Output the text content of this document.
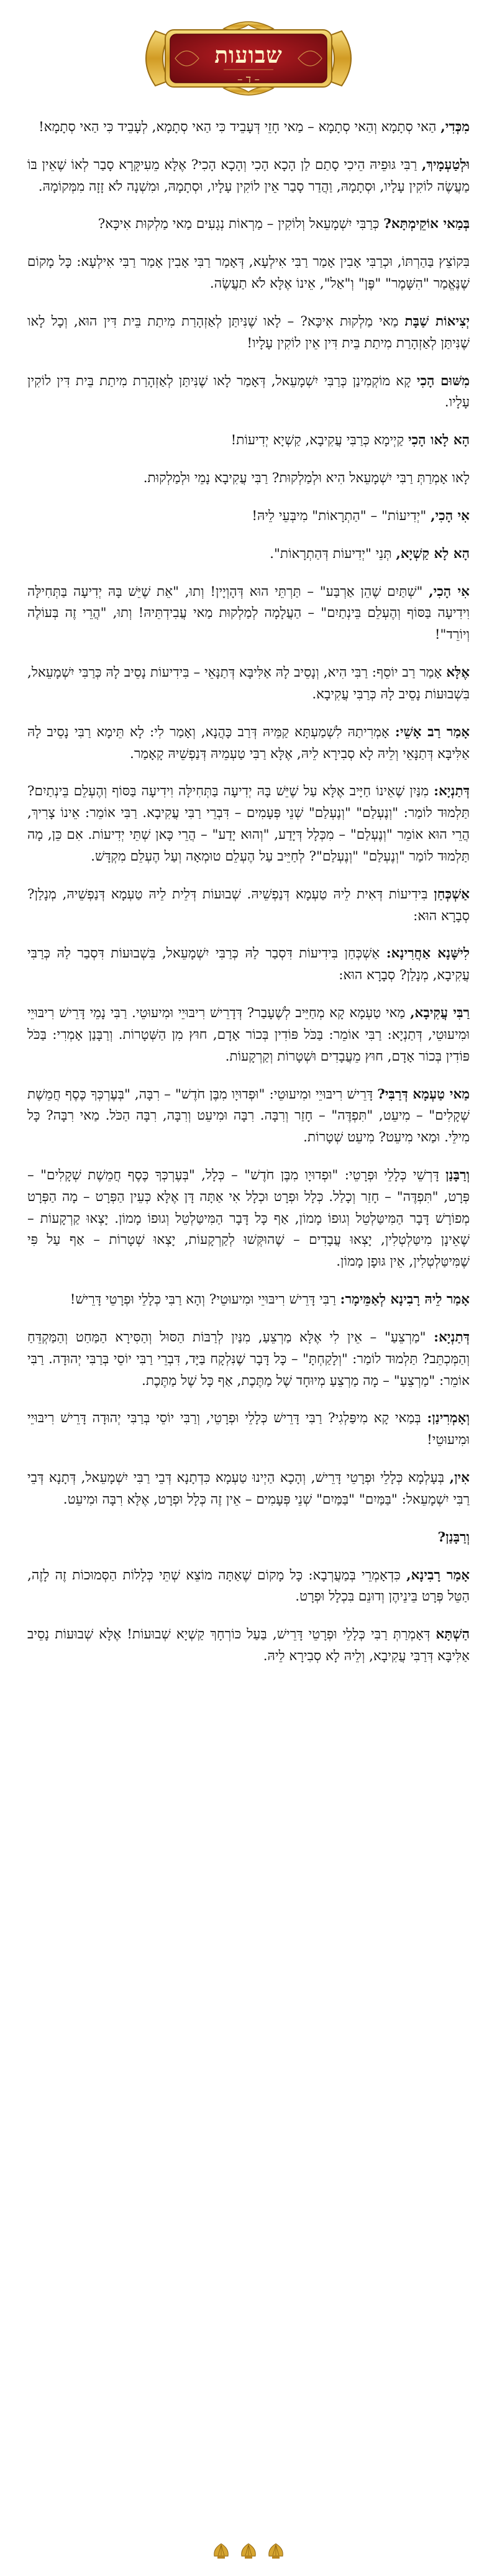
שבועות
– ד –

מִכְּדִי, הַאי סְתָמָא וְהַאי סְתָמָא – מַאי חָזֵי דְּעָבֵיד כִּי הַאי סְתָמָא, לְעָבֵיד כִּי הַאי סְתָמָא!

וּלְטַעְמָיךְ, רַבִּי גּוּפֵיהּ הֵיכִי סָתַם לַן הָכָא הָכִי וְהָכָא הָכִי? אֶלָּא מֵעִיקָּרָא סָבַר לְאוֹ שֶׁאֵין בּוֹ מַעֲשֶׂה לוֹקִין עָלָיו, וּסְתָמָהּ, וַהֲדַר סָבַר אֵין לוֹקִין עָלָיו, וּסְתָמָהּ, וּמִשְׁנָה לֹא זָזָה מִמְּקוֹמָהּ.

בְּמַאי אוֹקֵימְתָּא? כְּרַבִּי יִשְׁמָעֵאל וְלוֹקִין – מַרְאוֹת נְגָעִים מַאי מַלְקוּת אִיכָּא?

בִּקוֹצֵץ בַּהַרְתּוֹ, וּכְרַבִּי אָבִין אָמַר רַבִּי אִילְעָא, דְּאָמַר רַבִּי אָבִין אָמַר רַבִּי אִילְעָא: כָּל מָקוֹם שֶׁנֶּאֱמַר "הִשָּׁמֶר" "פֶּן" וְ"אַל", אֵינוֹ אֶלָּא לֹא תַעֲשֶׂה.

יְצִיאוֹת שַׁבָּת מַאי מַלְקוּת אִיכָּא? – לָאו שֶׁנִּיתַּן לְאַזְהָרַת מִיתַת בֵּית דִּין הוּא, וְכָל לָאו שֶׁנִּיתַּן לְאַזְהָרַת מִיתַת בֵּית דִּין אֵין לוֹקִין עָלָיו!

מִשּׁוּם הָכִי קָא מוֹקְמִינַן כְּרַבִּי יִשְׁמָעֵאל, דְּאָמַר לָאו שֶׁנִּיתַּן לְאַזְהָרַת מִיתַת בֵּית דִּין לוֹקִין עָלָיו.

הָא לָאו הָכִי קַיְימָא כְּרַבִּי עֲקִיבָא, קַשְׁיָא יְדִיעוֹת!

לָאו אָמְרַתְּ רַבִּי יִשְׁמָעֵאל הִיא וּלְמַלְקוּת? רַבִּי עֲקִיבָא נָמֵי וּלְמַלְקוּת.

אִי הָכִי, "יְדִיעוֹת" – "הַתְרָאוֹת" מִיבְּעֵי לֵיהּ!

הָא לָא קַשְׁיָא, תְּנֵי "יְדִיעוֹת דְּהַתְרָאוֹת".

אִי הָכִי, "שְׁתַּיִם שֶׁהֵן אַרְבַּע" – תַּרְתֵּי הוּא דְּהָוְיָין! וְתוּ, "אֵת שֶׁיֵּשׁ בָּהּ יְדִיעָה בַּתְּחִילָּה וִידִיעָה בַּסּוֹף וְהֶעְלֵם בֵּינְתַיִם" – הַעֲלָמָה לְמַלְקוּת מַאי עֲבִידְתֵּיהּ! וְתוּ, "הֲרֵי זֶה בְּעוֹלֶה וְיוֹרֵד"!

אֶלָּא אָמַר רַב יוֹסֵף: רַבִּי הִיא, וְנָסֵיב לָהּ אַלִּיבָּא דְּתַנָּאֵי – בִּידִיעוֹת נָסֵיב לָהּ כְּרַבִּי יִשְׁמָעֵאל, בִּשְׁבוּעוֹת נָסֵיב לָהּ כְּרַבִּי עֲקִיבָא.

אָמַר רַב אָשֵׁי: אָמְרִיתַהּ לִשְׁמַעְתָּא קַמֵּיהּ דְּרַב כָּהֲנָא, וְאָמַר לִי: לָא תֵּימָא רַבִּי נָסֵיב לָהּ אַלִּיבָּא דְּתַנָּאֵי וְלֵיהּ לָא סְבִירָא לֵיהּ, אֶלָּא רַבִּי טַעְמֵיהּ דְּנַפְשֵׁיהּ קָאָמַר.

דְּתַנְיָא: מִנַּיִן שֶׁאֵינוֹ חַיָּיב אֶלָּא עַל שֶׁיֵּשׁ בָּהּ יְדִיעָה בַּתְּחִילָּה וִידִיעָה בַּסּוֹף וְהֶעְלֵם בֵּינְתַיִם? תַּלְמוּד לוֹמַר: "וְנֶעְלַם" "וְנֶעְלַם" שְׁנֵי פְּעָמִים – דִּבְרֵי רַבִּי עֲקִיבָא. רַבִּי אוֹמֵר: אֵינוֹ צָרִיךְ, הֲרֵי הוּא אוֹמֵר "וְנֶעְלַם" – מִכְּלָל דְּיָדַע, "וְהוּא יָדַע" – הֲרֵי כָּאן שְׁתֵּי יְדִיעוֹת. אִם כֵּן, מָה תַּלְמוּד לוֹמַר "וְנֶעְלַם" "וְנֶעְלַם"? לְחַיֵּיב עַל הֶעְלֵם טוּמְאָה וְעַל הֶעְלֵם מִקְדָּשׁ.

אַשְׁכְּחַן בִּידִיעוֹת דְּאִית לֵיהּ טַעְמָא דְּנַפְשֵׁיהּ. שְׁבוּעוֹת דְּלֵית לֵיהּ טַעְמָא דְּנַפְשֵׁיהּ, מְנָלַן? סְבָרָא הוּא:

לִישָּׁנָא אַחֲרִינָא: אַשְׁכְּחַן בִּידִיעוֹת דִּסְבַר לַהּ כְּרַבִּי יִשְׁמָעֵאל, בִּשְׁבוּעוֹת דִּסְבַר לַהּ כְּרַבִּי עֲקִיבָא, מְנָלַן? סְבָרָא הוּא:

רַבִּי עֲקִיבָא, מַאי טַעְמָא קָא מְחַיֵּיב לְשֶׁעָבַר? דְּדָרֵישׁ רִיבּוּיֵי וּמִיעוּטֵי. רַבִּי נָמֵי דָּרֵישׁ רִיבּוּיֵי וּמִיעוּטֵי, דְּתַנְיָא: רַבִּי אוֹמֵר: בַּכֹּל פּוֹדִין בְּכוֹר אָדָם, חוּץ מִן הַשְּׁטָרוֹת. וְרַבָּנַן אָמְרִי: בַּכֹּל פּוֹדִין בְּכוֹר אָדָם, חוּץ מֵעֲבָדִים וּשְׁטָרוֹת וְקַרְקָעוֹת.

מַאי טַעְמָא דְּרַבִּי? דָּרֵישׁ רִיבּוּיֵי וּמִיעוּטֵי: "וּפְדוּיָו מִבֶּן חֹדֶשׁ" – רִבָּה, "בְּעֶרְכְּךָ כֶּסֶף חֲמֵשֶׁת שְׁקָלִים" – מִיעֵט, "תִּפְדֶּה" – חָזַר וְרִבָּה. רִבָּה וּמִיעֵט וְרִבָּה, רִבָּה הַכֹּל. מַאי רִבָּה? כָּל מִילֵּי. וּמַאי מִיעֵט? מִיעֵט שְׁטָרוֹת.

וְרַבָּנַן דָּרְשֵׁי כְּלָלֵי וּפְרָטֵי: "וּפְדוּיָו מִבֶּן חֹדֶשׁ" – כְּלָל, "בְּעֶרְכְּךָ כֶּסֶף חֲמֵשֶׁת שְׁקָלִים" – פְּרָט, "תִּפְדֶּה" – חָזַר וְכָלַל. כְּלָל וּפְרָט וּכְלָל אִי אַתָּה דָּן אֶלָּא כְּעֵין הַפְּרָט – מָה הַפְּרָט מְפוֹרָשׁ דָּבָר הַמִּיטַּלְטֵל וְגוּפוֹ מָמוֹן, אַף כָּל דָּבָר הַמִּיטַּלְטֵל וְגוּפוֹ מָמוֹן. יָצְאוּ קַרְקָעוֹת – שֶׁאֵינָן מִיטַּלְטְלִין, יָצְאוּ עֲבָדִים – שֶׁהוּקְּשׁוּ לְקַרְקָעוֹת, יָצְאוּ שְׁטָרוֹת – אַף עַל פִּי שֶׁמִּיטַּלְטְלִין, אֵין גּוּפָן מָמוֹן.

אָמַר לֵיהּ רָבִינָא לְאַמֵּימָר: רַבִּי דָּרֵישׁ רִיבּוּיֵי וּמִיעוּטֵי? וְהָא רַבִּי כְּלָלֵי וּפְרָטֵי דָּרֵישׁ!

דְּתַנְיָא: "מַרְצֵעַ" – אֵין לִי אֶלָּא מַרְצֵעַ, מִנַּיִן לְרַבּוֹת הַסּוּל וְהַסִּירָא הַמַּחַט וְהַמַּקְדֵּחַ וְהַמְּכְתֵּב? תַּלְמוּד לוֹמַר: "וְלָקַחְתָּ" – כָּל דָּבָר שֶׁנִּלְקָח בַּיָּד, דִּבְרֵי רַבִּי יוֹסֵי בְּרַבִּי יְהוּדָה. רַבִּי אוֹמֵר: "מַרְצֵעַ" – מָה מַרְצֵעַ מְיוּחָד שֶׁל מַתֶּכֶת, אַף כָּל שֶׁל מַתֶּכֶת.

וְאָמְרִינַן: בְּמַאי קָא מִיפַּלְגִי? רַבִּי דָּרֵישׁ כְּלָלֵי וּפְרָטֵי, וְרַבִּי יוֹסֵי בְּרַבִּי יְהוּדָה דָּרֵישׁ רִיבּוּיֵי וּמִיעוּטֵי!

אִין, בְּעָלְמָא כְּלָלֵי וּפְרָטֵי דָּרֵישׁ, וְהָכָא הַיְינוּ טַעְמָא כִּדְתָנָא דְּבֵי רַבִּי יִשְׁמָעֵאל, דְּתָנָא דְּבֵי רַבִּי יִשְׁמָעֵאל: "בַּמַּיִם" "בַּמַּיִם" שְׁנֵי פְּעָמִים – אֵין זֶה כְּלָל וּפְרָט, אֶלָּא רִבָּה וּמִיעֵט.

וְרַבָּנַן?

אָמַר רָבִינָא, כִּדְאָמְרֵי בְּמַעֲרְבָא: כָּל מָקוֹם שֶׁאַתָּה מוֹצֵא שְׁתֵּי כְּלָלוֹת הַסְּמוּכוֹת זֶה לָזֶה, הַטֵּל פְּרָט בֵּינֵיהֶן וְדוּנֵם בִּכְלָל וּפְרָט.

הַשְׁתָּא דְּאָמְרַתְּ רַבִּי כְּלָלֵי וּפְרָטֵי דָּרֵישׁ, בַּעַל כּוֹרְחָךְ קַשְׁיָא שְׁבוּעוֹת! אֶלָּא שְׁבוּעוֹת נָסֵיב אַלִּיבָּא דְּרַבִּי עֲקִיבָא, וְלֵיהּ לָא סְבִירָא לֵיהּ.
